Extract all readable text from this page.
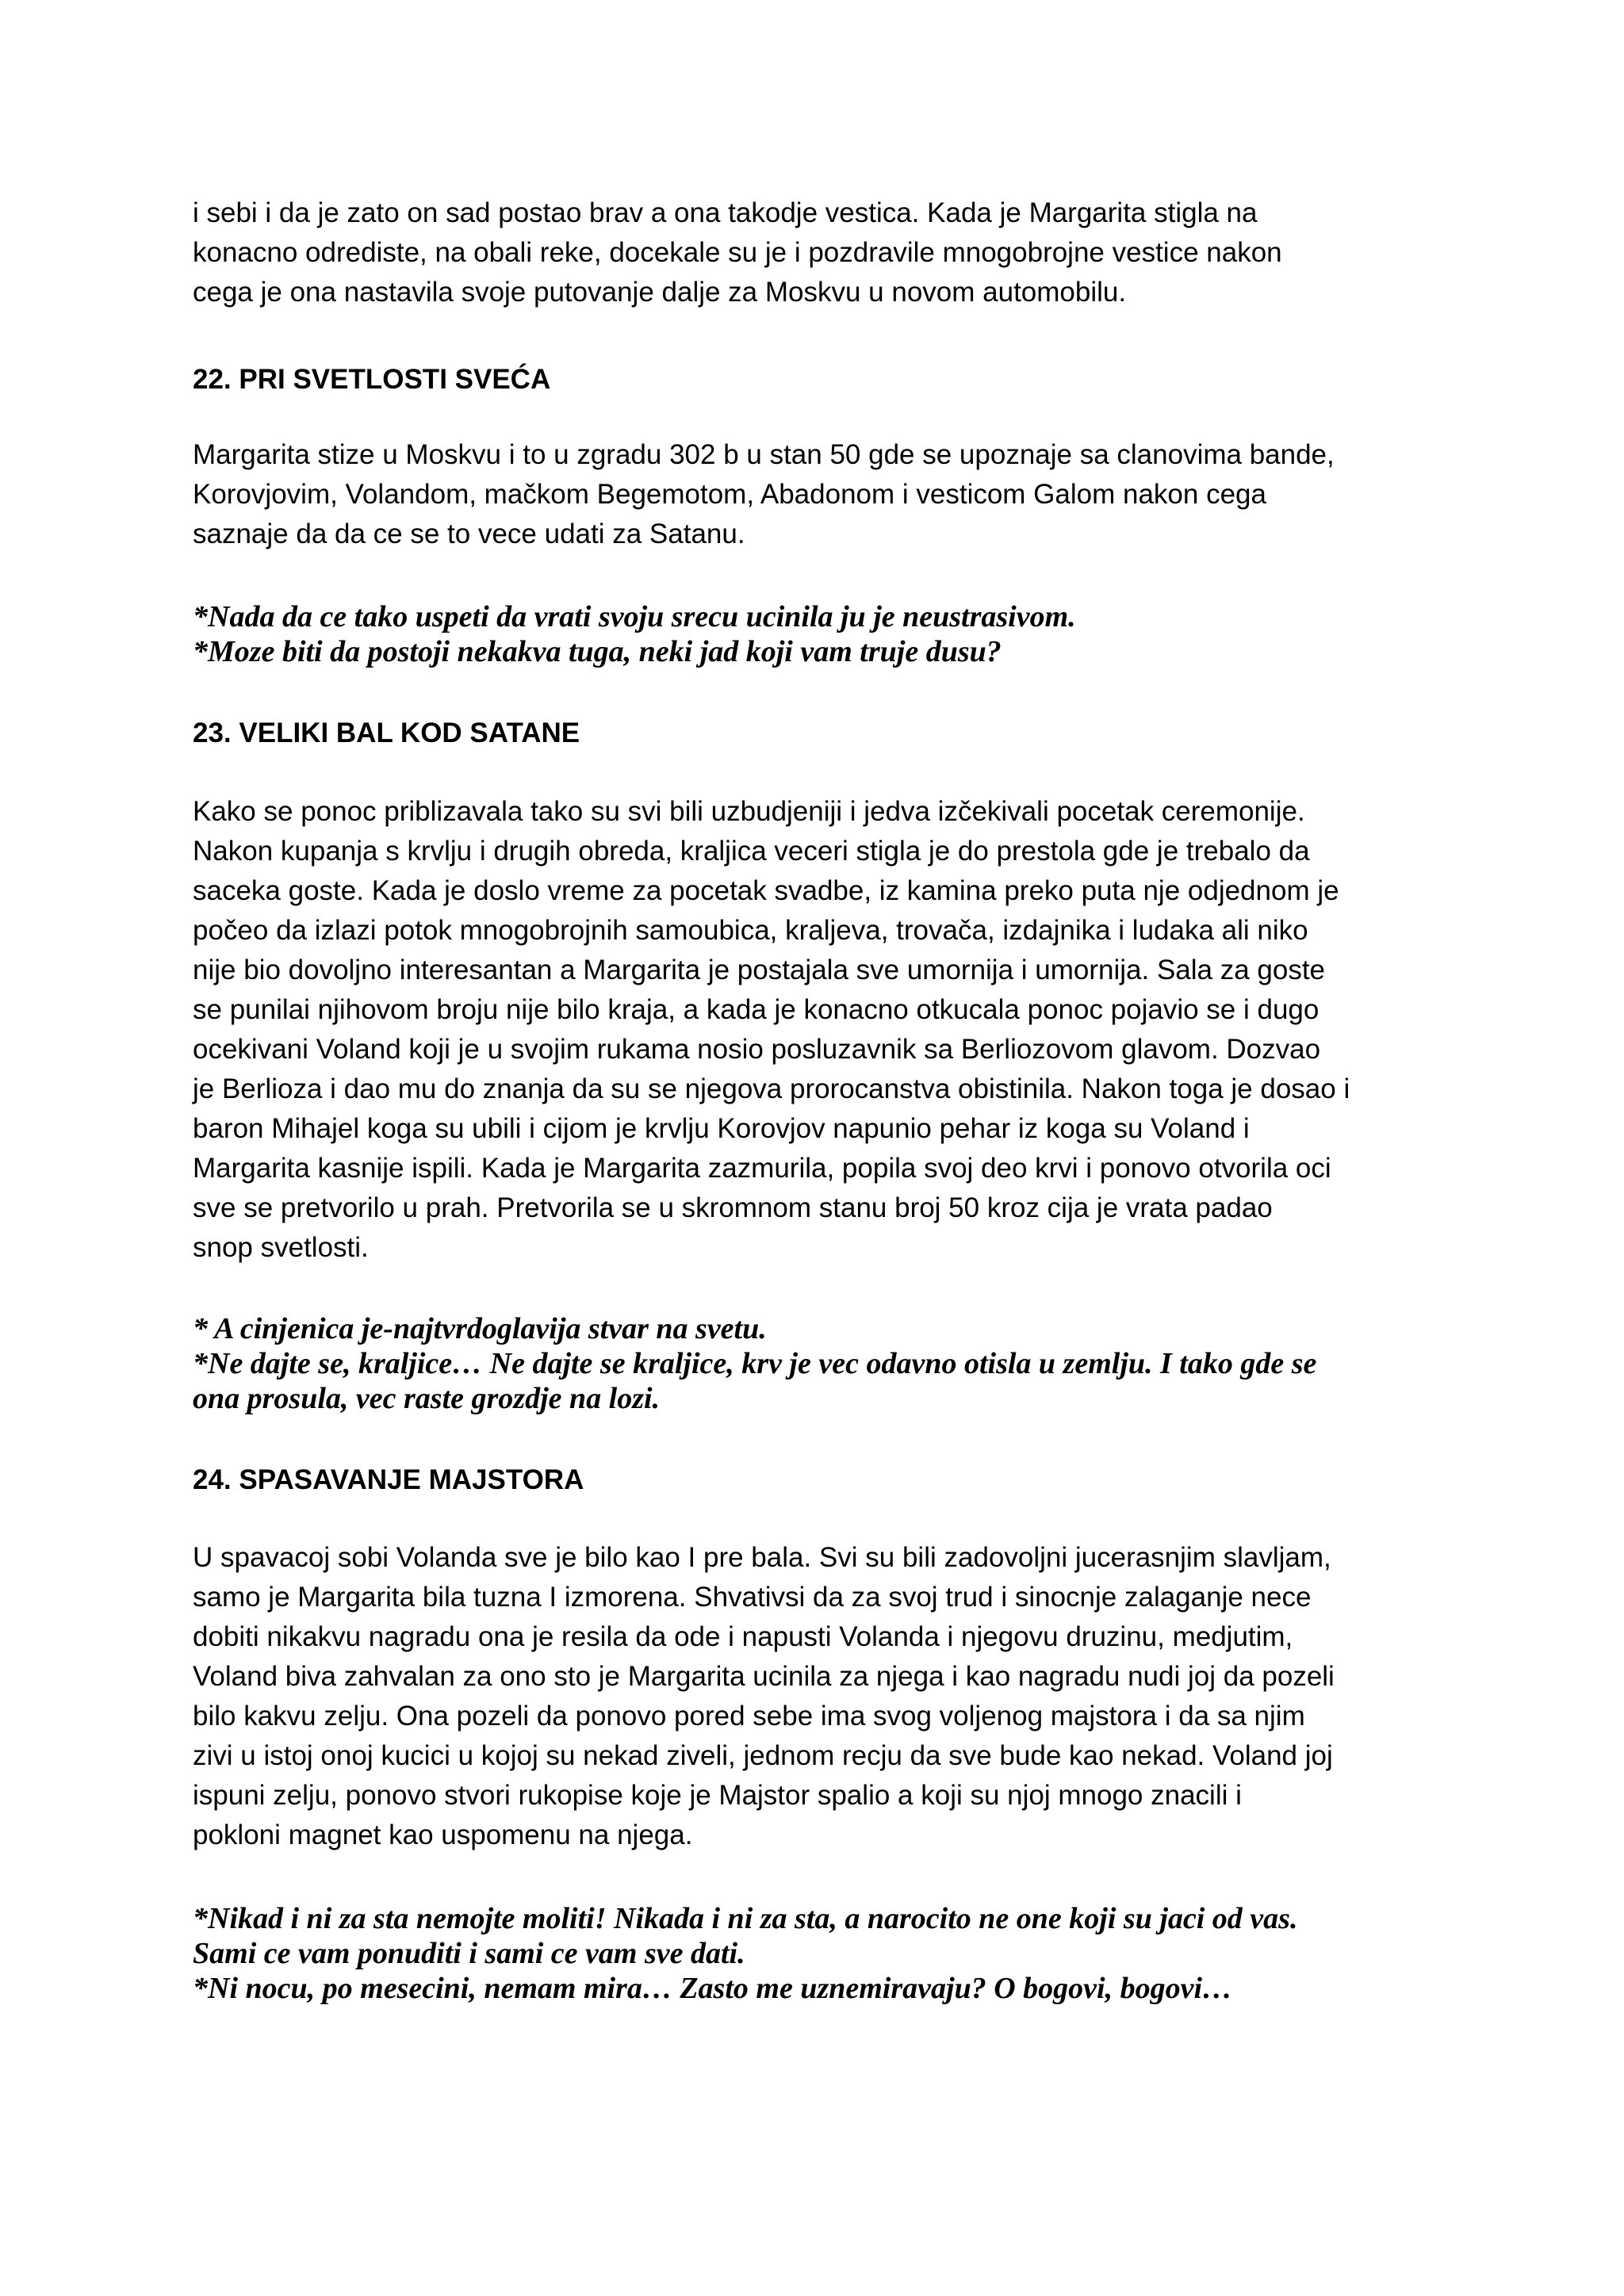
i sebi i da je zato on sad postao brav a ona takodje vestica. Kada je Margarita stigla na
konacno odrediste, na obali reke, docekale su je i pozdravile mnogobrojne vestice nakon
cega je ona nastavila svoje putovanje dalje za Moskvu u novom automobilu.
22. PRI SVETLOSTI SVEĆA
Margarita stize u Moskvu i to u zgradu 302 b u stan 50 gde se upoznaje sa clanovima bande,
Korovjovim, Volandom, mačkom Begemotom, Abadonom i vesticom Galom nakon cega
saznaje da da ce se to vece udati za Satanu.
*Nada da ce tako uspeti da vrati svoju srecu ucinila ju je neustrasivom.
*Moze biti da postoji nekakva tuga, neki jad koji vam truje dusu?
23. VELIKI BAL KOD SATANE
Kako se ponoc priblizavala tako su svi bili uzbudjeniji i jedva izčekivali pocetak ceremonije.
Nakon kupanja s krvlju i drugih obreda, kraljica veceri stigla je do prestola gde je trebalo da
saceka goste. Kada je doslo vreme za pocetak svadbe, iz kamina preko puta nje odjednom je
počeo da izlazi potok mnogobrojnih samoubica, kraljeva, trovača, izdajnika i ludaka ali niko
nije bio dovoljno interesantan a Margarita je postajala sve umornija i umornija. Sala za goste
se punilai njihovom broju nije bilo kraja, a kada je konacno otkucala ponoc pojavio se i dugo
ocekivani Voland koji je u svojim rukama nosio posluzavnik sa Berliozovom glavom. Dozvao
je Berlioza i dao mu do znanja da su se njegova prorocanstva obistinila. Nakon toga je dosao i
baron Mihajel koga su ubili i cijom je krvlju Korovjov napunio pehar iz koga su Voland i
Margarita kasnije ispili. Kada je Margarita zazmurila, popila svoj deo krvi i ponovo otvorila oci
sve se pretvorilo u prah. Pretvorila se u skromnom stanu broj 50 kroz cija je vrata padao
snop svetlosti.
* A cinjenica je-najtvrdoglavija stvar na svetu.
*Ne dajte se, kraljice… Ne dajte se kraljice, krv je vec odavno otisla u zemlju. I tako gde se
ona prosula, vec raste grozdje na lozi.
24. SPASAVANJE MAJSTORA
U spavacoj sobi Volanda sve je bilo kao I pre bala. Svi su bili zadovoljni jucerasnjim slavljam,
samo je Margarita bila tuzna I izmorena. Shvativsi da za svoj trud i sinocnje zalaganje nece
dobiti nikakvu nagradu ona je resila da ode i napusti Volanda i njegovu druzinu, medjutim,
Voland biva zahvalan za ono sto je Margarita ucinila za njega i kao nagradu nudi joj da pozeli
bilo kakvu zelju. Ona pozeli da ponovo pored sebe ima svog voljenog majstora i da sa njim
zivi u istoj onoj kucici u kojoj su nekad ziveli, jednom recju da sve bude kao nekad. Voland joj
ispuni zelju, ponovo stvori rukopise koje je Majstor spalio a koji su njoj mnogo znacili i
pokloni magnet kao uspomenu na njega.
*Nikad i ni za sta nemojte moliti! Nikada i ni za sta, a narocito ne one koji su jaci od vas.
Sami ce vam ponuditi i sami ce vam sve dati.
*Ni nocu, po mesecini, nemam mira… Zasto me uznemiravaju? O bogovi, bogovi…
